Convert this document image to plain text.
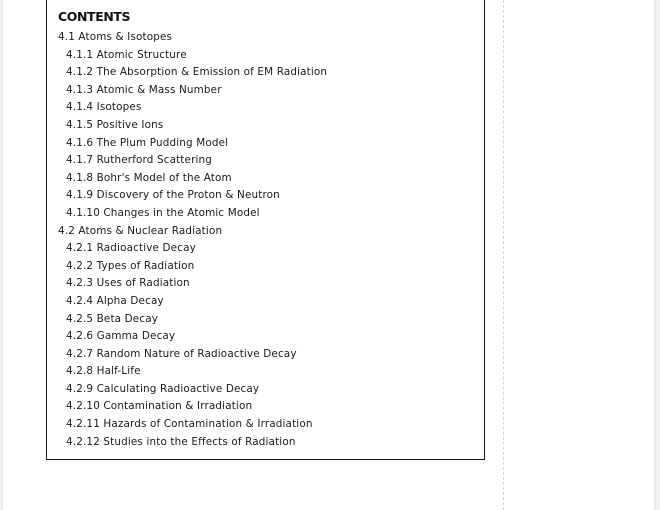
CONTENTS
4.1 Atoms & Isotopes
4.1.1 Atomic Structure
4.1.2 The Absorption & Emission of EM Radiation
4.1.3 Atomic & Mass Number
4.1.4 Isotopes
4.1.5 Positive Ions
4.1.6 The Plum Pudding Model
4.1.7 Rutherford Scattering
4.1.8 Bohr's Model of the Atom
4.1.9 Discovery of the Proton & Neutron
4.1.10 Changes in the Atomic Model
4.2 Atoms & Nuclear Radiation
4.2.1 Radioactive Decay
4.2.2 Types of Radiation
4.2.3 Uses of Radiation
4.2.4 Alpha Decay
4.2.5 Beta Decay
4.2.6 Gamma Decay
4.2.7 Random Nature of Radioactive Decay
4.2.8 Half-Life
4.2.9 Calculating Radioactive Decay
4.2.10 Contamination & Irradiation
4.2.11 Hazards of Contamination & Irradiation
4.2.12 Studies into the Effects of Radiation
